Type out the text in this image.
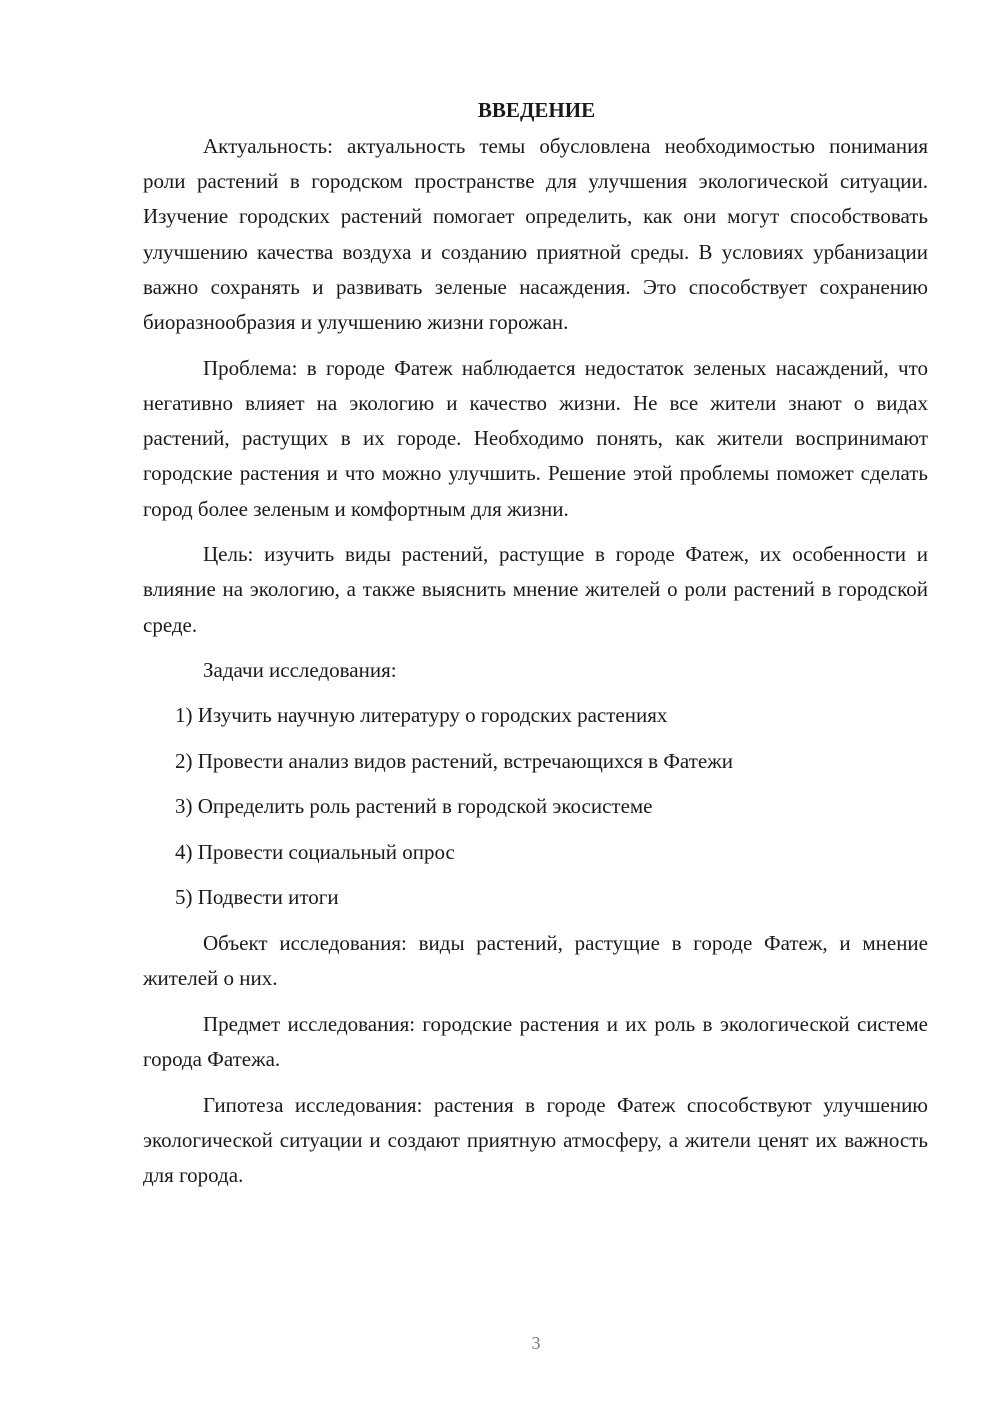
ВВЕДЕНИЕ

Актуальность: актуальность темы обусловлена необходимостью понимания роли растений в городском пространстве для улучшения экологической ситуации. Изучение городских растений помогает определить, как они могут способствовать улучшению качества воздуха и созданию приятной среды. В условиях урбанизации важно сохранять и развивать зеленые насаждения. Это способствует сохранению биоразнообразия и улучшению жизни горожан.

Проблема: в городе Фатеж наблюдается недостаток зеленых насаждений, что негативно влияет на экологию и качество жизни. Не все жители знают о видах растений, растущих в их городе. Необходимо понять, как жители воспринимают городские растения и что можно улучшить. Решение этой проблемы поможет сделать город более зеленым и комфортным для жизни.

Цель: изучить виды растений, растущие в городе Фатеж, их особенности и влияние на экологию, а также выяснить мнение жителей о роли растений в городской среде.

Задачи исследования:
1) Изучить научную литературу о городских растениях
2) Провести анализ видов растений, встречающихся в Фатежи
3) Определить роль растений в городской экосистеме
4) Провести социальный опрос
5) Подвести итоги

Объект исследования: виды растений, растущие в городе Фатеж, и мнение жителей о них.

Предмет исследования: городские растения и их роль в экологической системе города Фатежа.

Гипотеза исследования: растения в городе Фатеж способствуют улучшению экологической ситуации и создают приятную атмосферу, а жители ценят их важность для города.

3
